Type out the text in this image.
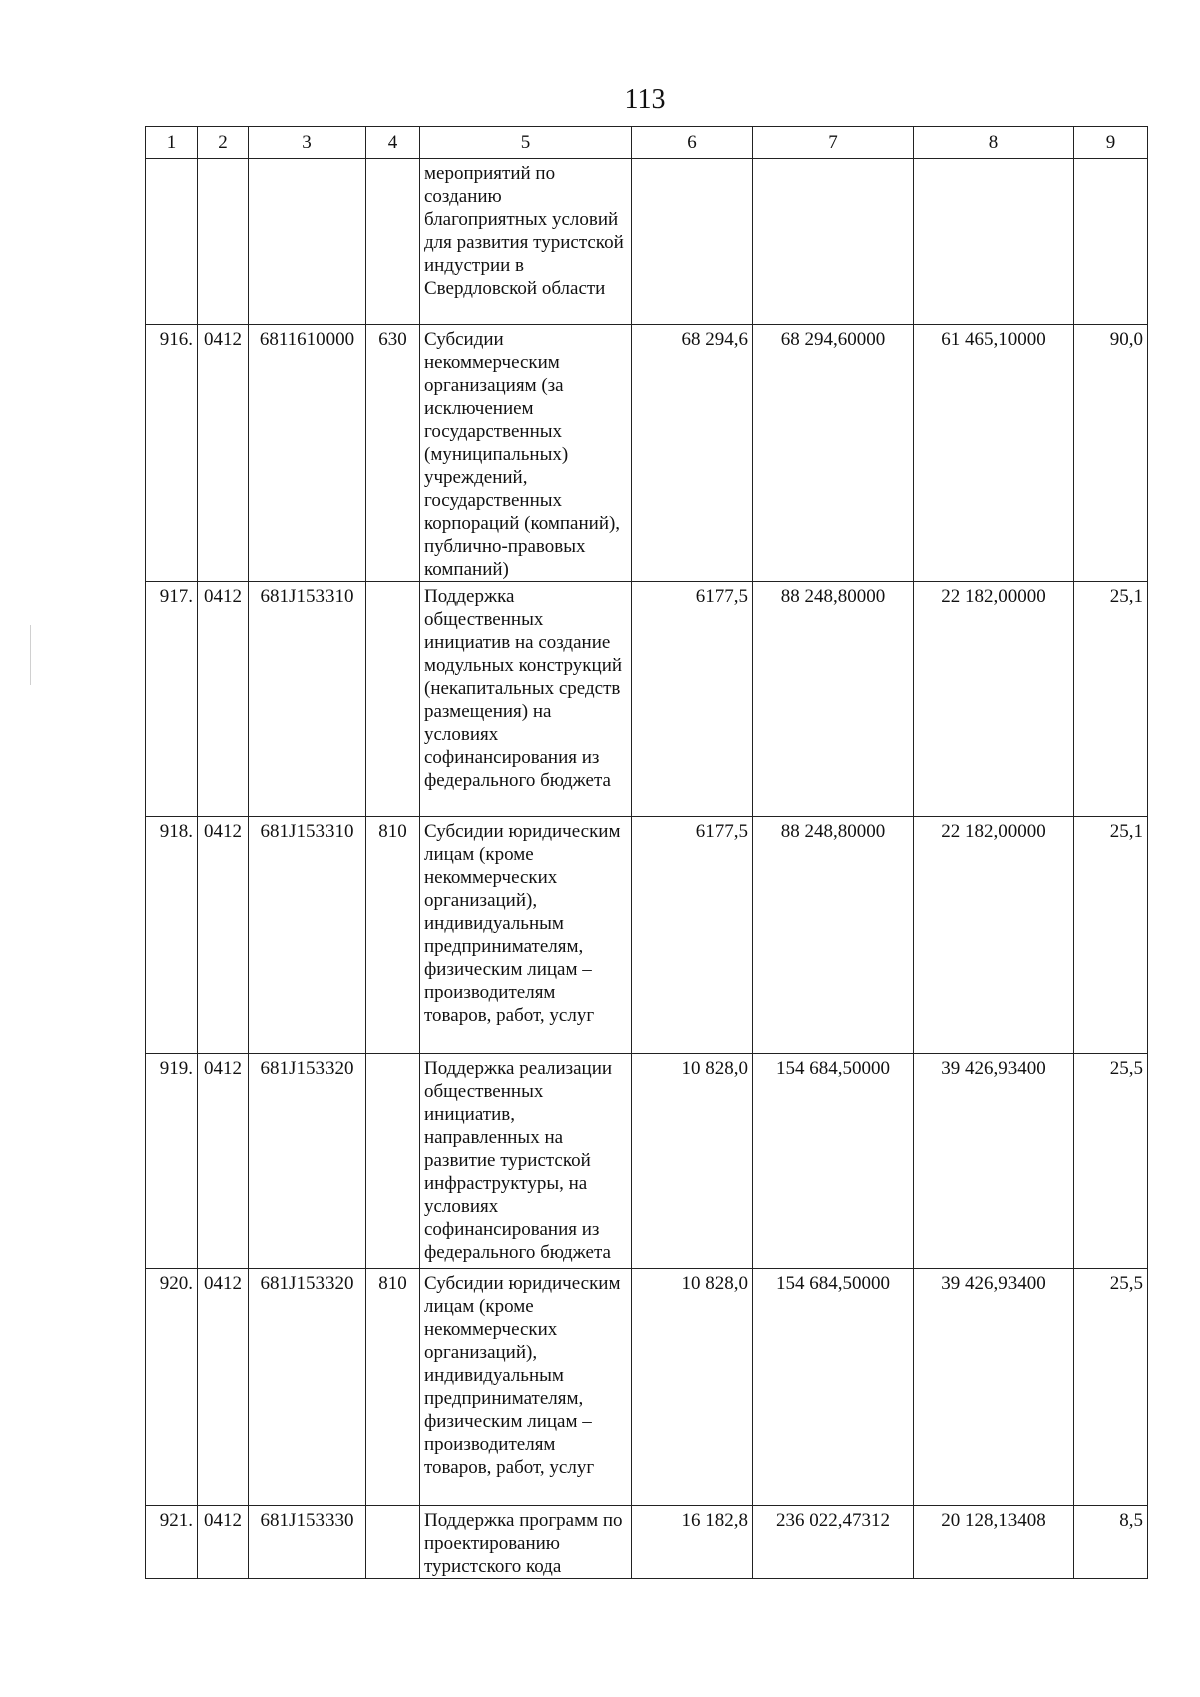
113
1	2	3	4	5	6	7	8	9
				мероприятий по созданию благоприятных условий для развития туристской индустрии в Свердловской области				
916.	0412	6811610000	630	Субсидии некоммерческим организациям (за исключением государственных (муниципальных) учреждений, государственных корпораций (компаний), публично-правовых компаний)	68 294,6	68 294,60000	61 465,10000	90,0
917.	0412	681J153310		Поддержка общественных инициатив на создание модульных конструкций (некапитальных средств размещения) на условиях софинансирования из федерального бюджета	6177,5	88 248,80000	22 182,00000	25,1
918.	0412	681J153310	810	Субсидии юридическим лицам (кроме некоммерческих организаций), индивидуальным предпринимателям, физическим лицам – производителям товаров, работ, услуг	6177,5	88 248,80000	22 182,00000	25,1
919.	0412	681J153320		Поддержка реализации общественных инициатив, направленных на развитие туристской инфраструктуры, на условиях софинансирования из федерального бюджета	10 828,0	154 684,50000	39 426,93400	25,5
920.	0412	681J153320	810	Субсидии юридическим лицам (кроме некоммерческих организаций), индивидуальным предпринимателям, физическим лицам – производителям товаров, работ, услуг	10 828,0	154 684,50000	39 426,93400	25,5
921.	0412	681J153330		Поддержка программ по проектированию туристского кода	16 182,8	236 022,47312	20 128,13408	8,5
